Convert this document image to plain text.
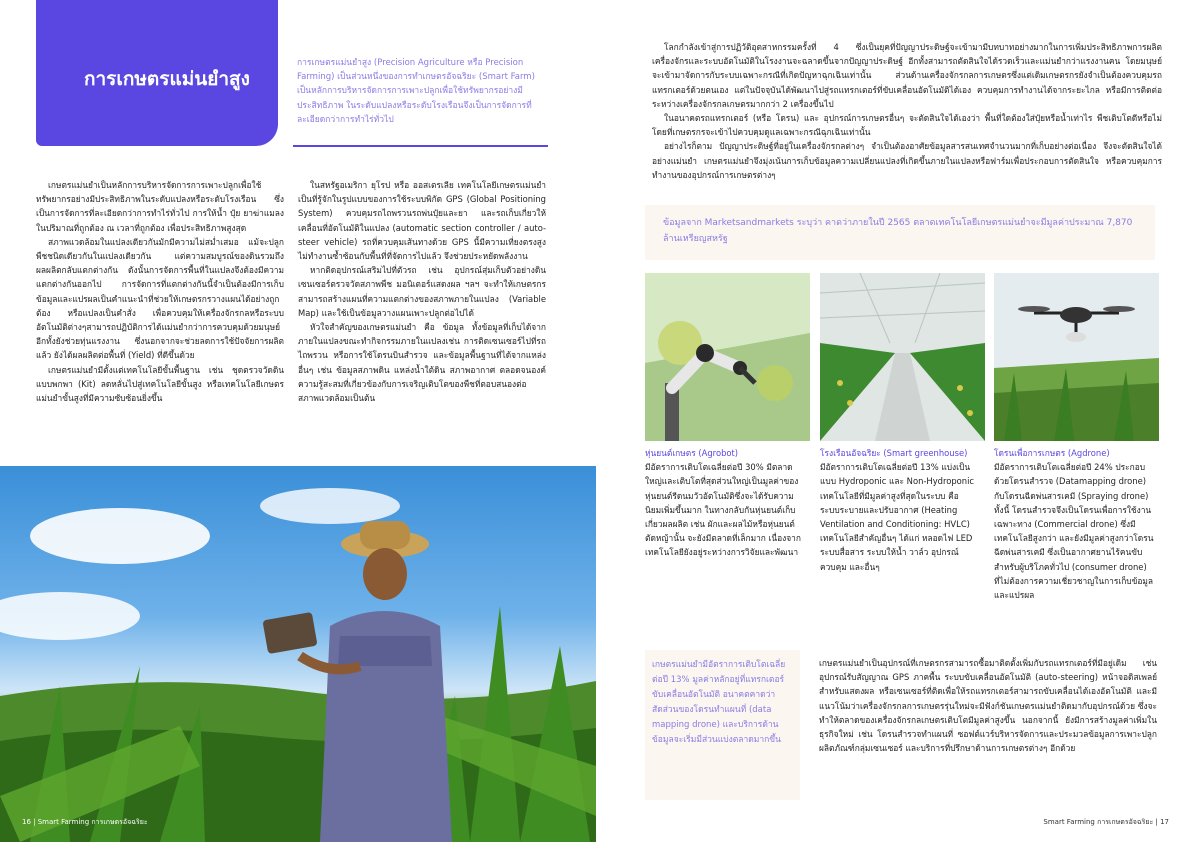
การเกษตรแม่นยำสูง
การเกษตรแม่นยำสูง (Precision Agriculture หรือ Precision Farming) เป็นส่วนหนึ่งของการทำเกษตรอัจฉริยะ (Smart Farm) เป็นหลักการบริหารจัดการการเพาะปลูกเพื่อใช้ทรัพยากรอย่างมีประสิทธิภาพ ในระดับแปลงหรือระดับโรงเรือนจึงเป็นการจัดการที่ละเอียดกว่าการทำไร่ทั่วไป

เกษตรแม่นยำเป็นหลักการบริหารจัดการการเพาะปลูกเพื่อใช้ทรัพยากรอย่างมีประสิทธิภาพในระดับแปลงหรือระดับโรงเรือน ซึ่งเป็นการจัดการที่ละเอียดกว่าการทำไร่ทั่วไป การให้น้ำ ปุ๋ย ยาฆ่าแมลงในปริมาณที่ถูกต้อง ณ เวลาที่ถูกต้อง เพื่อประสิทธิภาพสูงสุด

สภาพแวดล้อมในแปลงเดียวกันมักมีความไม่สม่ำเสมอ แม้จะปลูกพืชชนิดเดียวกันในแปลงเดียวกัน แต่ความสมบูรณ์ของดินรวมถึงผลผลิตกลับแตกต่างกัน ดังนั้นการจัดการพื้นที่ในแปลงจึงต้องมีความแตกต่างกันออกไป การจัดการที่แตกต่างกันนี้จำเป็นต้องมีการเก็บข้อมูลและแปรผลเป็นคำแนะนำที่ช่วยให้เกษตรกรวางแผนได้อย่างถูกต้อง หรือแปลงเป็นคำสั่ง เพื่อควบคุมให้เครื่องจักรกลหรือระบบอัตโนมัติต่างๆสามารถปฏิบัติการได้แม่นยำกว่าการควบคุมด้วยมนุษย์ อีกทั้งยังช่วยทุ่นแรงงาน ซึ่งนอกจากจะช่วยลดการใช้ปัจจัยการผลิตแล้ว ยังได้ผลผลิตต่อพื้นที่ (Yield) ที่ดีขึ้นด้วย

เกษตรแม่นยำมีตั้งแต่เทคโนโลยีขั้นพื้นฐาน เช่น ชุดตรวจวัดดินแบบพกพา (Kit) ลดหลั่นไปสู่เทคโนโลยีขั้นสูง หรือเทคโนโลยีเกษตรแม่นยำขั้นสูงที่มีความซับซ้อนยิ่งขึ้น

ในสหรัฐอเมริกา ยุโรป หรือ ออสเตรเลีย เทคโนโลยีเกษตรแม่นยำเป็นที่รู้จักในรูปแบบของการใช้ระบบพิกัด GPS (Global Positioning System) ควบคุมรถไถพรวนรถพ่นปุ๋ยและยา และรถเก็บเกี่ยวให้เคลื่อนที่อัตโนมัติในแปลง (automatic section controller / auto-steer vehicle) รถที่ควบคุมเส้นทางด้วย GPS นี้มีความเที่ยงตรงสูงไม่ทำงานซ้ำซ้อนกับพื้นที่ที่จัดการไปแล้ว จึงช่วยประหยัดพลังงาน

หากติดอุปกรณ์เสริมไปที่ตัวรถ เช่น อุปกรณ์สุ่มเก็บตัวอย่างดิน เซนเซอร์ตรวจวัดสภาพพืช มอนิเตอร์แสดงผล ฯลฯ จะทำให้เกษตรกรสามารถสร้างแผนที่ความแตกต่างของสภาพภายในแปลง (Variable Map) และใช้เป็นข้อมูลวางแผนเพาะปลูกต่อไปได้

หัวใจสำคัญของเกษตรแม่นยำ คือ ข้อมูล ทั้งข้อมูลที่เก็บได้จากภายในแปลงขณะทำกิจกรรมภายในแปลงเช่น การติดเซนเซอร์ไปที่รถไถพรวน หรือการใช้โดรนบินสำรวจ และข้อมูลพื้นฐานที่ได้จากแหล่งอื่นๆ เช่น ข้อมูลสภาพดิน แหล่งน้ำใต้ดิน สภาพอากาศ ตลอดจนองค์ความรู้สะสมที่เกี่ยวข้องกับการเจริญเติบโตของพืชที่ตอบสนองต่อสภาพแวดล้อมเป็นต้น

16 | Smart Farming การเกษตรอัจฉริยะ

โลกกำลังเข้าสู่การปฏิวัติอุตสาหกรรมครั้งที่ 4 ซึ่งเป็นยุคที่ปัญญาประดิษฐ์จะเข้ามามีบทบาทอย่างมากในการเพิ่มประสิทธิภาพการผลิต เครื่องจักรและระบบอัตโนมัติในโรงงานจะฉลาดขึ้นจากปัญญาประดิษฐ์ อีกทั้งสามารถตัดสินใจได้รวดเร็วและแม่นยำกว่าแรงงานคน โดยมนุษย์จะเข้ามาจัดการกับระบบเฉพาะกรณีที่เกิดปัญหาฉุกเฉินเท่านั้น ส่วนด้านเครื่องจักรกลการเกษตรซึ่งแต่เดิมเกษตรกรยังจำเป็นต้องควบคุมรถแทรกเตอร์ด้วยตนเอง แต่ในปัจจุบันได้พัฒนาไปสู่รถแทรกเตอร์ที่ขับเคลื่อนอัตโนมัติได้เอง ควบคุมการทำงานได้จากระยะไกล หรือมีการติดต่อระหว่างเครื่องจักรกลเกษตรมากกว่า 2 เครื่องขึ้นไป

ในอนาคตรถแทรกเตอร์ (หรือ โดรน) และ อุปกรณ์การเกษตรอื่นๆ จะตัดสินใจได้เองว่า พื้นที่ใดต้องใส่ปุ๋ยหรือน้ำเท่าไร พืชเติบโตดีหรือไม่ โดยที่เกษตรกรจะเข้าไปควบคุมดูแลเฉพาะกรณีฉุกเฉินเท่านั้น

อย่างไรก็ตาม ปัญญาประดิษฐ์ที่อยู่ในเครื่องจักรกลต่างๆ จำเป็นต้องอาศัยข้อมูลสารสนเทศจำนวนมากที่เก็บอย่างต่อเนื่อง จึงจะตัดสินใจได้อย่างแม่นยำ เกษตรแม่นยำจึงมุ่งเน้นการเก็บข้อมูลความเปลี่ยนแปลงที่เกิดขึ้นภายในแปลงหรือฟาร์มเพื่อประกอบการตัดสินใจ หรือควบคุมการทำงานของอุปกรณ์การเกษตรต่างๆ

Smart Farming การเกษตรอัจฉริยะ | 17
ข้อมูลจาก Marketsandmarkets ระบุว่า คาดว่าภายในปี 2565 ตลาดเทคโนโลยีเกษตรแม่นยำจะมีมูลค่าประมาณ 7,870 ล้านเหรียญสหรัฐ
หุ่นยนต์เกษตร (Agrobot)
มีอัตราการเติบโตเฉลี่ยต่อปี 30% มีตลาดใหญ่และเติบโตที่สุดส่วนใหญ่เป็นมูลค่าของหุ่นยนต์รีดนมวัวอัตโนมัติซึ่งจะได้รับความนิยมเพิ่มขึ้นมาก ในทางกลับกันหุ่นยนต์เก็บเกี่ยวผลผลิต เช่น ผักและผลไม้หรือหุ่นยนต์ตัดหญ้านั้น จะยังมีตลาดที่เล็กมาก เนื่องจากเทคโนโลยียังอยู่ระหว่างการวิจัยและพัฒนา
โรงเรือนอัจฉริยะ (Smart greenhouse)
มีอัตราการเติบโตเฉลี่ยต่อปี 13% แบ่งเป็นแบบ Hydroponic และ Non-Hydroponic เทคโนโลยีที่มีมูลค่าสูงที่สุดในระบบ คือ ระบบระบายและปรับอากาศ (Heating Ventilation and Conditioning: HVLC) เทคโนโลยีสำคัญอื่นๆ ได้แก่ หลอดไฟ LED ระบบสื่อสาร ระบบให้น้ำ วาล์ว อุปกรณ์ควบคุม และอื่นๆ
โดรนเพื่อการเกษตร (Agdrone)
มีอัตราการเติบโตเฉลี่ยต่อปี 24% ประกอบด้วยโดรนสำรวจ (Datamapping drone) กับโดรนฉีดพ่นสารเคมี (Spraying drone) ทั้งนี้ โดรนสำรวจจึงเป็นโดรนเพื่อการใช้งานเฉพาะทาง (Commercial drone) ซึ่งมีเทคโนโลยีสูงกว่า และยังมีมูลค่าสูงกว่าโดรนฉีดพ่นสารเคมี ซึ่งเป็นอากาศยานไร้คนขับสำหรับผู้บริโภคทั่วไป (consumer drone) ที่ไม่ต้องการความเชี่ยวชาญในการเก็บข้อมูลและแปรผล
เกษตรแม่นยำมีอัตราการเติบโตเฉลี่ยต่อปี 13% มูลค่าหลักอยู่ที่แทรกเตอร์ขับเคลื่อนอัตโนมัติ อนาคตคาดว่าสัดส่วนของโดรนทำแผนที่ (data mapping drone) และบริการด้านข้อมูลจะเริ่มมีส่วนแบ่งตลาดมากขึ้น

เกษตรแม่นยำเป็นอุปกรณ์ที่เกษตรกรสามารถซื้อมาติดตั้งเพิ่มกับรถแทรกเตอร์ที่มีอยู่เดิม เช่น อุปกรณ์รับสัญญาณ GPS ภาคพื้น ระบบขับเคลื่อนอัตโนมัติ (auto-steering) หน้าจอดิสเพลย์สำหรับแสดงผล หรือเซนเซอร์ที่ติดเพื่อให้รถแทรกเตอร์สามารถขับเคลื่อนได้เองอัตโนมัติ และมีแนวโน้มว่าเครื่องจักรกลการเกษตรรุ่นใหม่จะมีฟังก์ชันเกษตรแม่นยำติดมากับอุปกรณ์ด้วย ซึ่งจะทำให้ตลาดของเครื่องจักรกลเกษตรเติบโตมีมูลค่าสูงขึ้น นอกจากนี้ ยังมีการสร้างมูลค่าเพิ่มในธุรกิจใหม่ เช่น โดรนสำรวจทำแผนที่ ซอฟต์แวร์บริหารจัดการและประมวลข้อมูลการเพาะปลูก ผลิตภัณฑ์กลุ่มเซนเซอร์ และบริการที่ปรึกษาด้านการเกษตรต่างๆ อีกด้วย
